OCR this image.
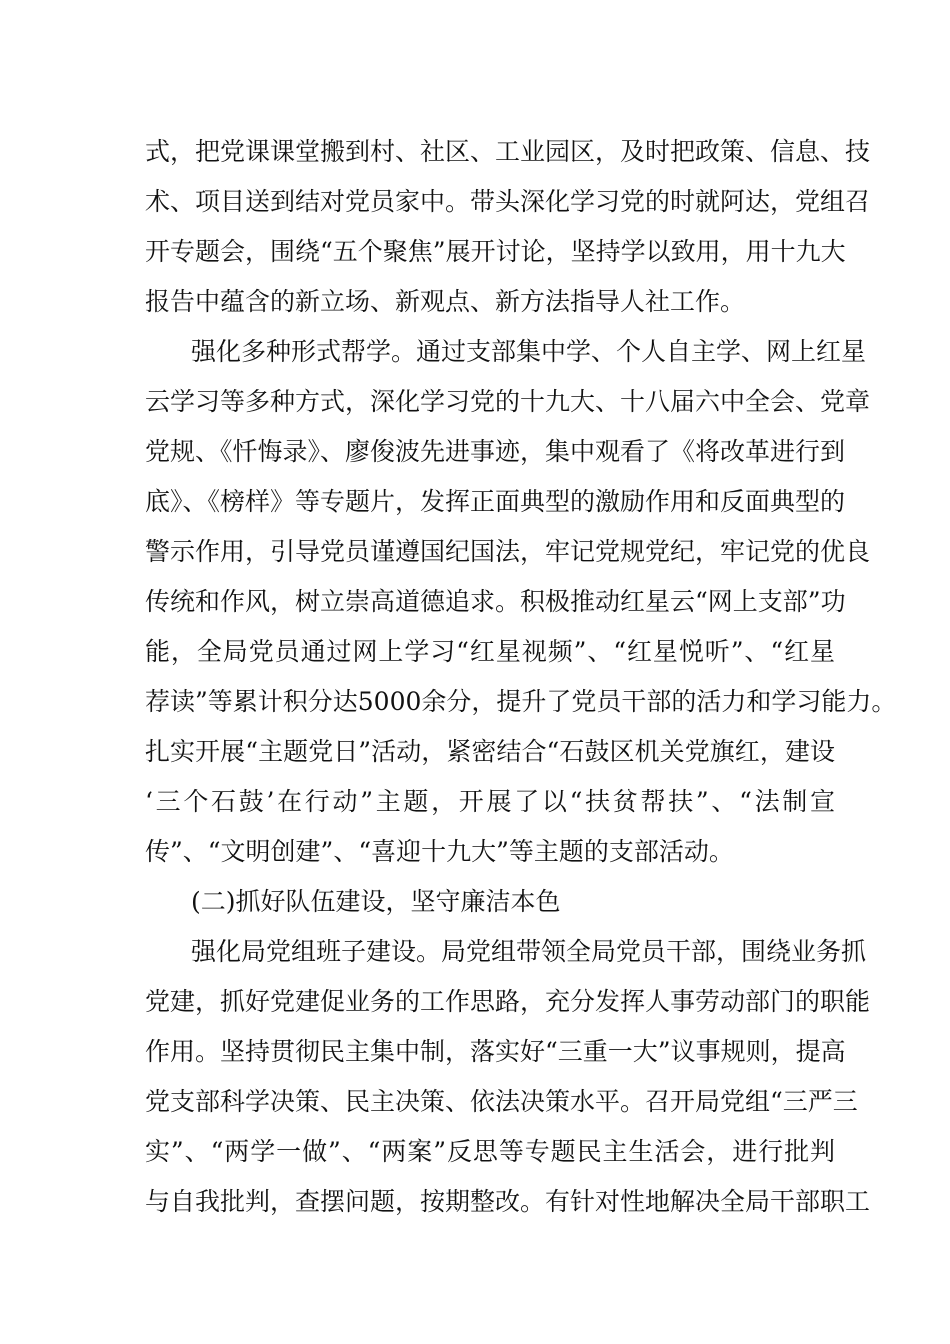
式，把党课课堂搬到村、社区、工业园区，及时把政策、信息、技
术、项目送到结对党员家中。带头深化学习党的时就阿达，党组召
开专题会，围绕“五个聚焦”展开讨论，坚持学以致用，用十九大
报告中蕴含的新立场、新观点、新方法指导人社工作。
强化多种形式帮学。通过支部集中学、个人自主学、网上红星
云学习等多种方式，深化学习党的十九大、十八届六中全会、党章
党规、《忏悔录》、廖俊波先进事迹，集中观看了《将改革进行到
底》、《榜样》等专题片，发挥正面典型的激励作用和反面典型的
警示作用，引导党员谨遵国纪国法，牢记党规党纪，牢记党的优良
传统和作风，树立崇高道德追求。积极推动红星云“网上支部”功
能，全局党员通过网上学习“红星视频”、“红星悦听”、“红星
荐读”等累计积分达5000余分，提升了党员干部的活力和学习能力。
扎实开展“主题党日”活动，紧密结合“石鼓区机关党旗红，建设
‘三个石鼓’在行动”主题，开展了以“扶贫帮扶”、“法制宣
传”、“文明创建”、“喜迎十九大”等主题的支部活动。
(二)抓好队伍建设，坚守廉洁本色
强化局党组班子建设。局党组带领全局党员干部，围绕业务抓
党建，抓好党建促业务的工作思路，充分发挥人事劳动部门的职能
作用。坚持贯彻民主集中制，落实好“三重一大”议事规则，提高
党支部科学决策、民主决策、依法决策水平。召开局党组“三严三
实”、“两学一做”、“两案”反思等专题民主生活会，进行批判
与自我批判，查摆问题，按期整改。有针对性地解决全局干部职工
